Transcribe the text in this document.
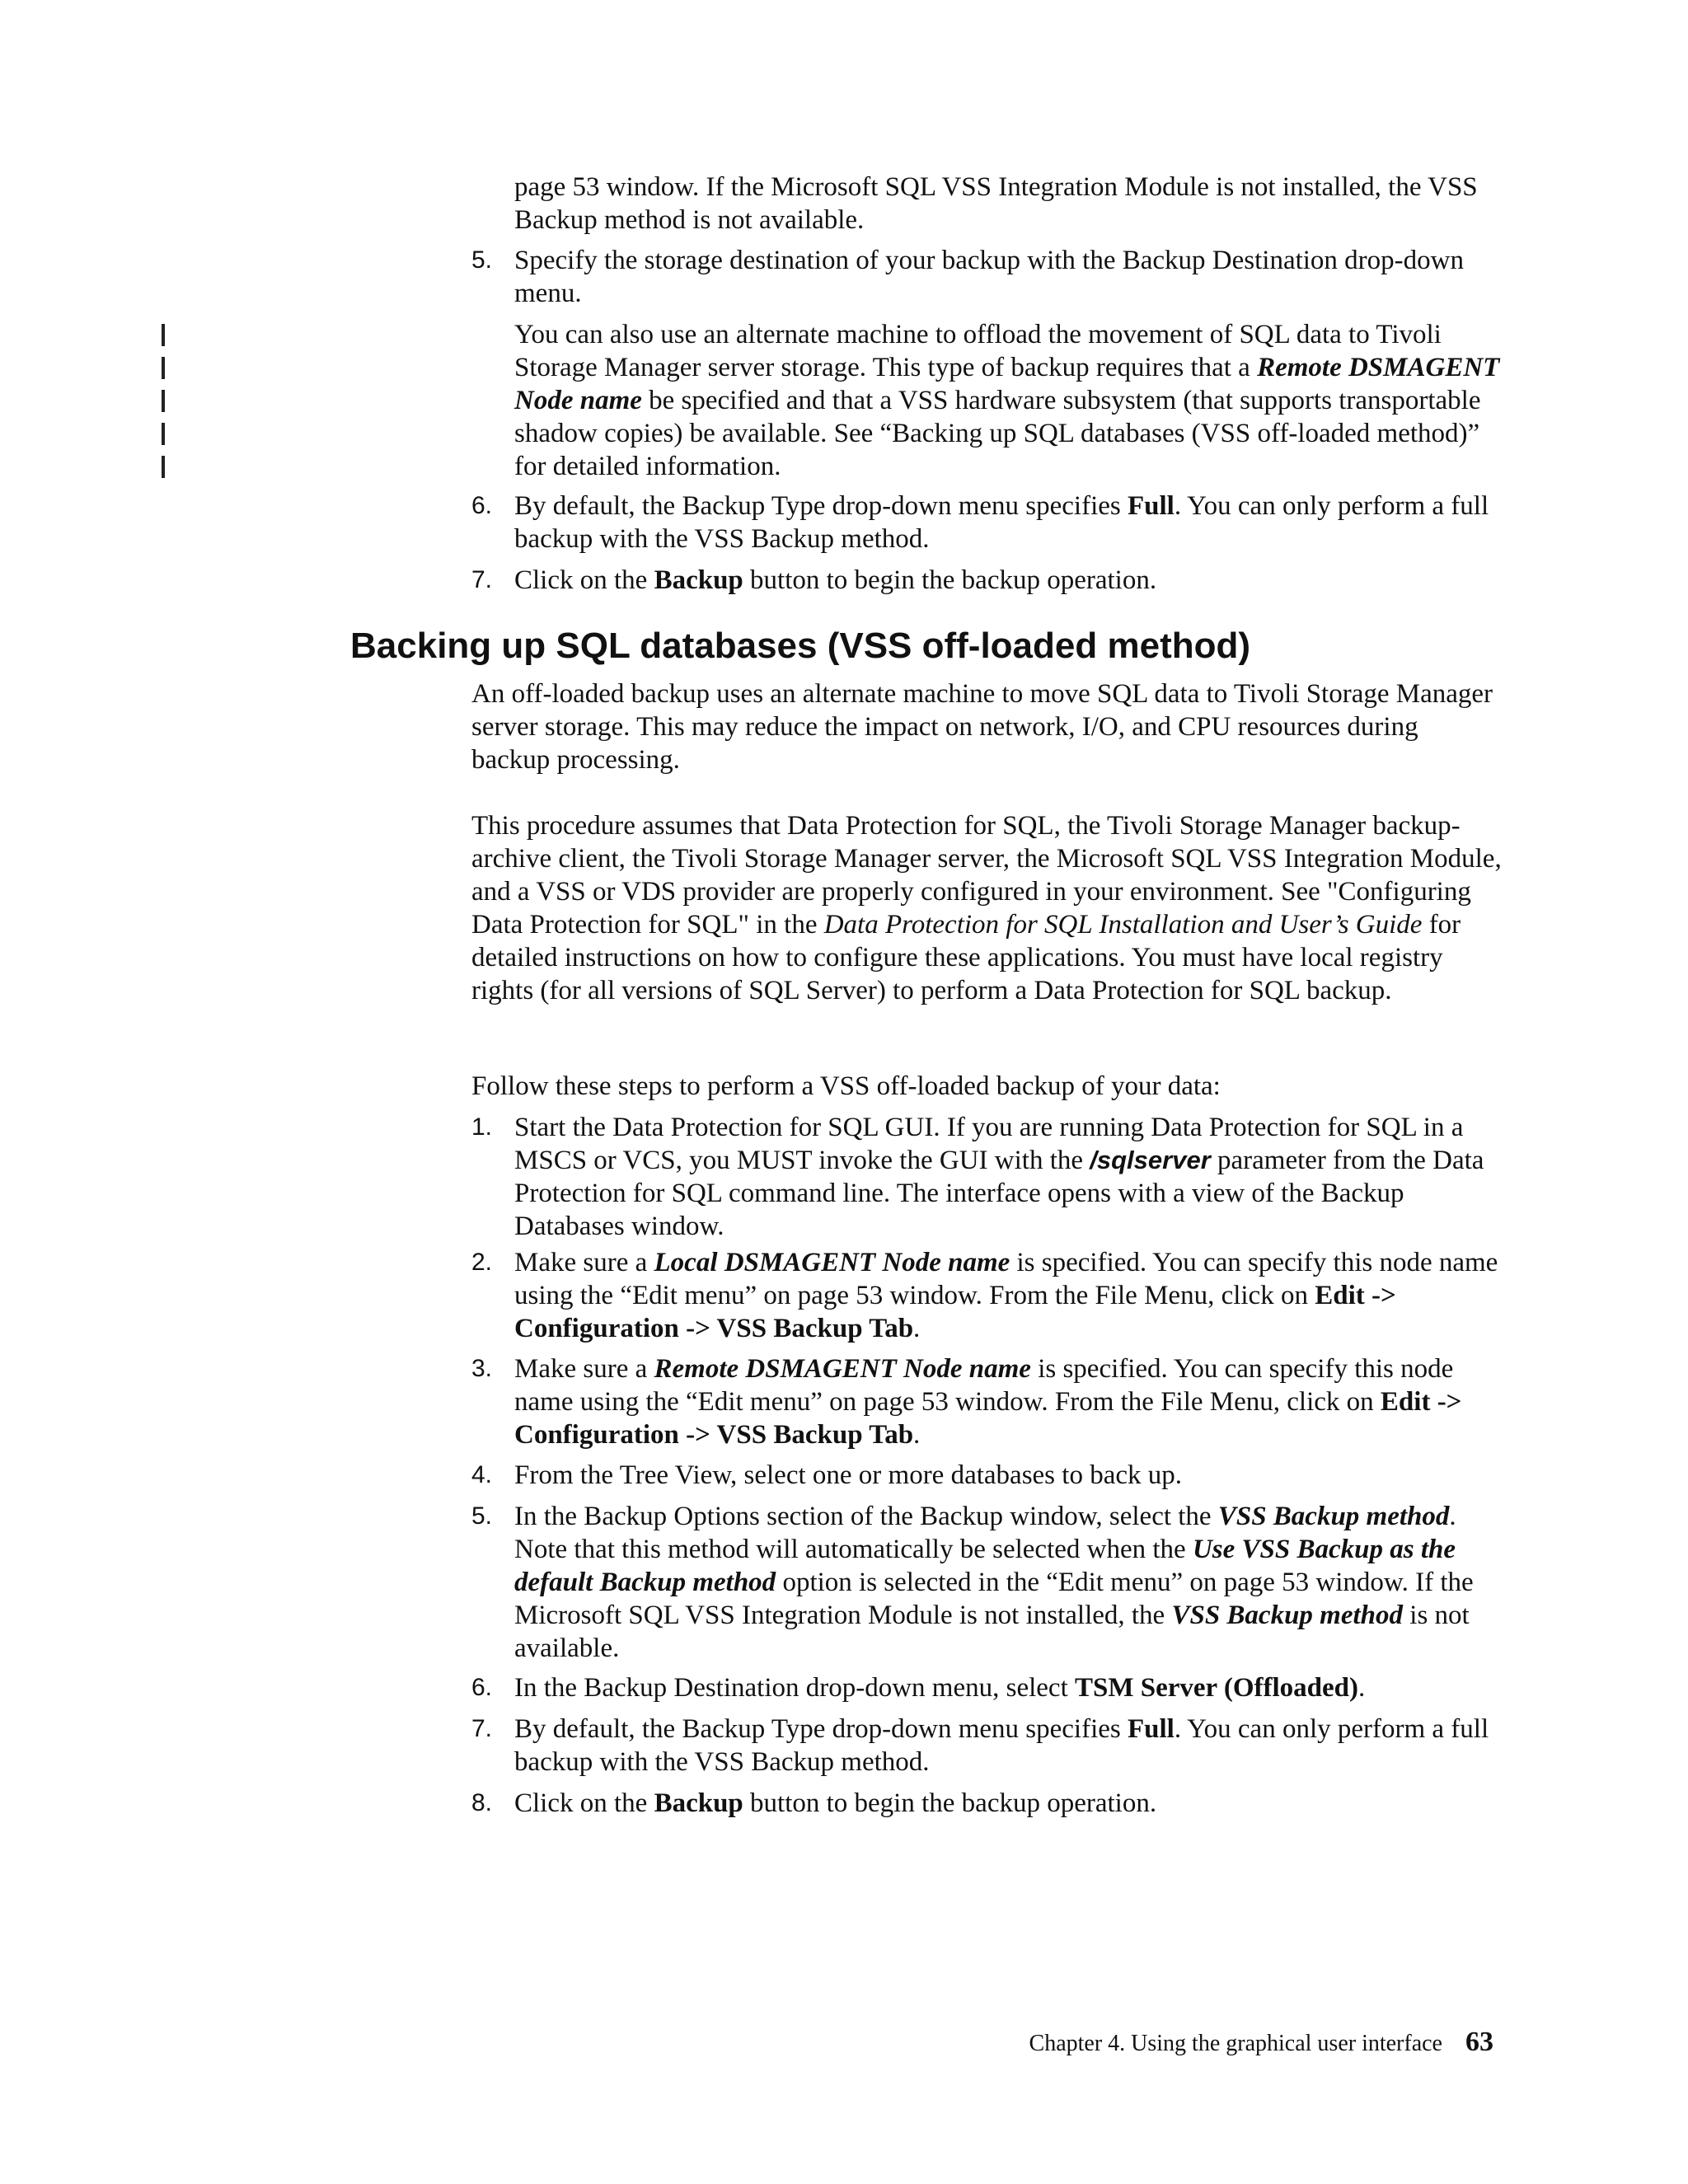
page 53 window. If the Microsoft SQL VSS Integration Module is not installed, the VSS Backup method is not available.
5. Specify the storage destination of your backup with the Backup Destination drop-down menu.
You can also use an alternate machine to offload the movement of SQL data to Tivoli Storage Manager server storage. This type of backup requires that a Remote DSMAGENT Node name be specified and that a VSS hardware subsystem (that supports transportable shadow copies) be available. See “Backing up SQL databases (VSS off-loaded method)” for detailed information.
6. By default, the Backup Type drop-down menu specifies Full. You can only perform a full backup with the VSS Backup method.
7. Click on the Backup button to begin the backup operation.
Backing up SQL databases (VSS off-loaded method)
An off-loaded backup uses an alternate machine to move SQL data to Tivoli Storage Manager server storage. This may reduce the impact on network, I/O, and CPU resources during backup processing.
This procedure assumes that Data Protection for SQL, the Tivoli Storage Manager backup-archive client, the Tivoli Storage Manager server, the Microsoft SQL VSS Integration Module, and a VSS or VDS provider are properly configured in your environment. See "Configuring Data Protection for SQL" in the Data Protection for SQL Installation and User’s Guide for detailed instructions on how to configure these applications. You must have local registry rights (for all versions of SQL Server) to perform a Data Protection for SQL backup.
Follow these steps to perform a VSS off-loaded backup of your data:
1. Start the Data Protection for SQL GUI. If you are running Data Protection for SQL in a MSCS or VCS, you MUST invoke the GUI with the /sqlserver parameter from the Data Protection for SQL command line. The interface opens with a view of the Backup Databases window.
2. Make sure a Local DSMAGENT Node name is specified. You can specify this node name using the “Edit menu” on page 53 window. From the File Menu, click on Edit -> Configuration -> VSS Backup Tab.
3. Make sure a Remote DSMAGENT Node name is specified. You can specify this node name using the “Edit menu” on page 53 window. From the File Menu, click on Edit -> Configuration -> VSS Backup Tab.
4. From the Tree View, select one or more databases to back up.
5. In the Backup Options section of the Backup window, select the VSS Backup method. Note that this method will automatically be selected when the Use VSS Backup as the default Backup method option is selected in the “Edit menu” on page 53 window. If the Microsoft SQL VSS Integration Module is not installed, the VSS Backup method is not available.
6. In the Backup Destination drop-down menu, select TSM Server (Offloaded).
7. By default, the Backup Type drop-down menu specifies Full. You can only perform a full backup with the VSS Backup method.
8. Click on the Backup button to begin the backup operation.
Chapter 4. Using the graphical user interface 63
